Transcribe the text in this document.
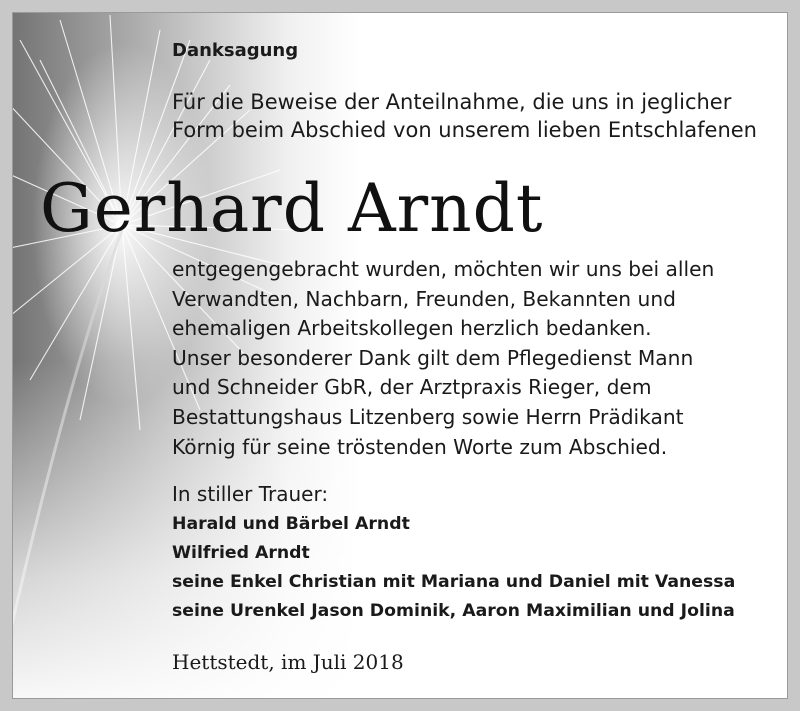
Danksagung
Für die Beweise der Anteilnahme, die uns in jeglicher
Form beim Abschied von unserem lieben Entschlafenen
Gerhard Arndt
entgegengebracht wurden, möchten wir uns bei allen
Verwandten, Nachbarn, Freunden, Bekannten und
ehemaligen Arbeitskollegen herzlich bedanken.
Unser besonderer Dank gilt dem Pflegedienst Mann
und Schneider GbR, der Arztpraxis Rieger, dem
Bestattungshaus Litzenberg sowie Herrn Prädikant
Körnig für seine tröstenden Worte zum Abschied.
In stiller Trauer:
Harald und Bärbel Arndt
Wilfried Arndt
seine Enkel Christian mit Mariana und Daniel mit Vanessa
seine Urenkel Jason Dominik, Aaron Maximilian und Jolina
Hettstedt, im Juli 2018
